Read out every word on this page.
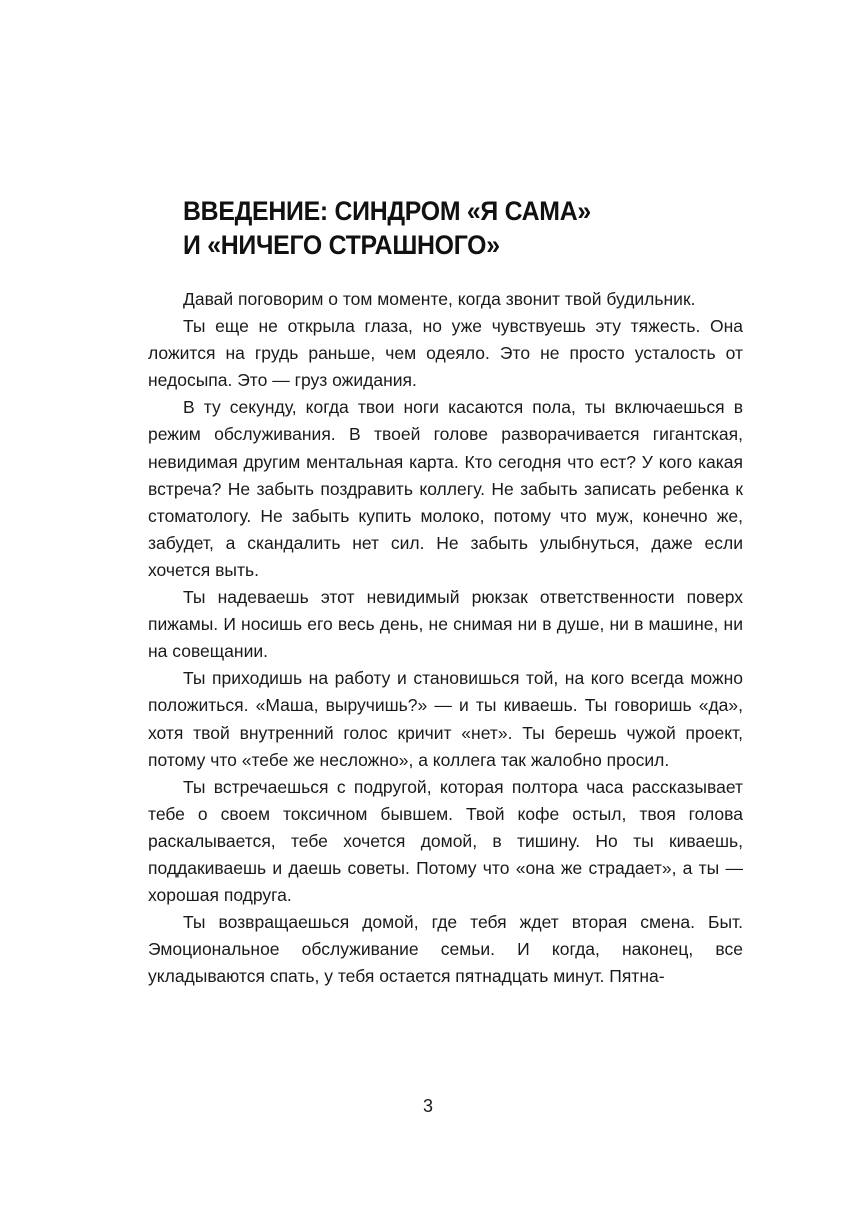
ВВЕДЕНИЕ: СИНДРОМ «Я САМА»
И «НИЧЕГО СТРАШНОГО»

Давай поговорим о том моменте, когда звонит твой будильник.

Ты еще не открыла глаза, но уже чувствуешь эту тяжесть. Она ложится на грудь раньше, чем одеяло. Это не просто усталость от недосыпа. Это — груз ожидания.

В ту секунду, когда твои ноги касаются пола, ты включаешься в режим обслуживания. В твоей голове разворачивается гигантская, невидимая другим ментальная карта. Кто сегодня что ест? У кого какая встреча? Не забыть поздравить коллегу. Не забыть записать ребенка к стоматологу. Не забыть купить молоко, потому что муж, конечно же, забудет, а скандалить нет сил. Не забыть улыбнуться, даже если хочется выть.

Ты надеваешь этот невидимый рюкзак ответственности поверх пижамы. И носишь его весь день, не снимая ни в душе, ни в машине, ни на совещании.

Ты приходишь на работу и становишься той, на кого всегда можно положиться. «Маша, выручишь?» — и ты киваешь. Ты говоришь «да», хотя твой внутренний голос кричит «нет». Ты берешь чужой проект, потому что «тебе же несложно», а коллега так жалобно просил.

Ты встречаешься с подругой, которая полтора часа рассказывает тебе о своем токсичном бывшем. Твой кофе остыл, твоя голова раскалывается, тебе хочется домой, в тишину. Но ты киваешь, поддакиваешь и даешь советы. Потому что «она же страдает», а ты — хорошая подруга.

Ты возвращаешься домой, где тебя ждет вторая смена. Быт. Эмоциональное обслуживание семьи. И когда, наконец, все укладываются спать, у тебя остается пятнадцать минут. Пятна-

3
